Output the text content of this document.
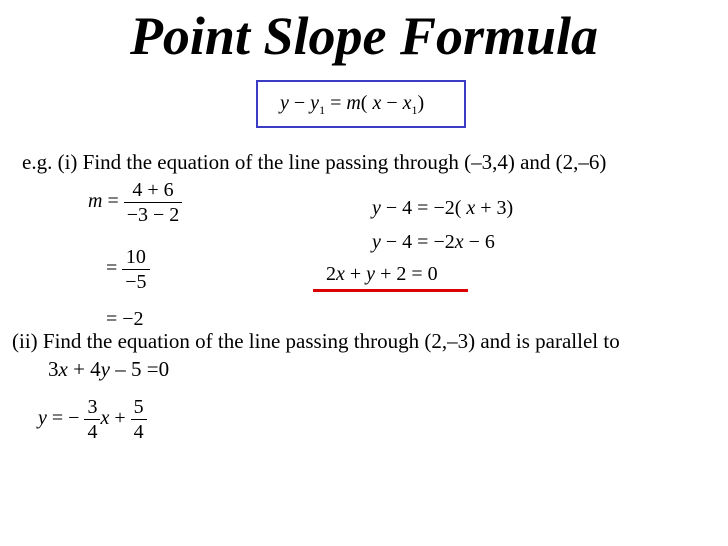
Point Slope Formula
$y - y_1 = m$( $x - x_1$)
e.g. (i) Find the equation of the line passing through (–3,4) and (2,–6)
$m = \frac{4 + 6}{-3 - 2}$
= $\frac{10}{-5}$
= −2
y − 4 = −2( x + 3)
y − 4 = −2x − 6
2x + y + 2 = 0
(ii) Find the equation of the line passing through (2,–3) and is parallel to
3x + 4y – 5 =0
y = − $\frac{3}{4}$ $x + \frac{5}{4}$
